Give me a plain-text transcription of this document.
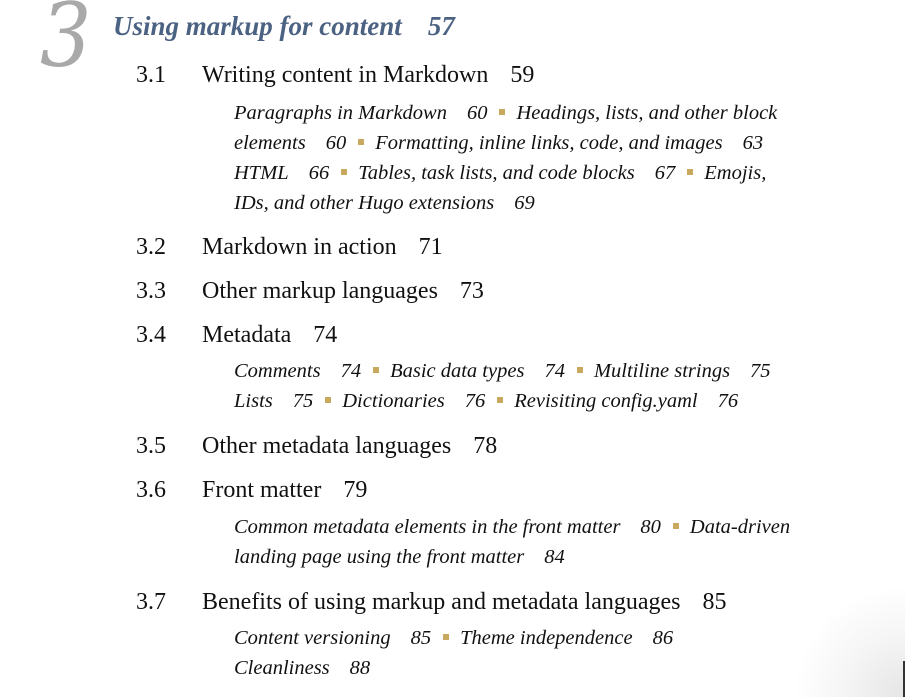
3 Using markup for content 57
3.1 Writing content in Markdown 59
Paragraphs in Markdown 60 Headings, lists, and other block
elements 60 Formatting, inline links, code, and images 63
HTML 66 Tables, task lists, and code blocks 67 Emojis,
IDs, and other Hugo extensions 69
3.2 Markdown in action 71
3.3 Other markup languages 73
3.4 Metadata 74
Comments 74 Basic data types 74 Multiline strings 75
Lists 75 Dictionaries 76 Revisiting config.yaml 76
3.5 Other metadata languages 78
3.6 Front matter 79
Common metadata elements in the front matter 80 Data-driven
landing page using the front matter 84
3.7 Benefits of using markup and metadata languages 85
Content versioning 85 Theme independence 86
Cleanliness 88
